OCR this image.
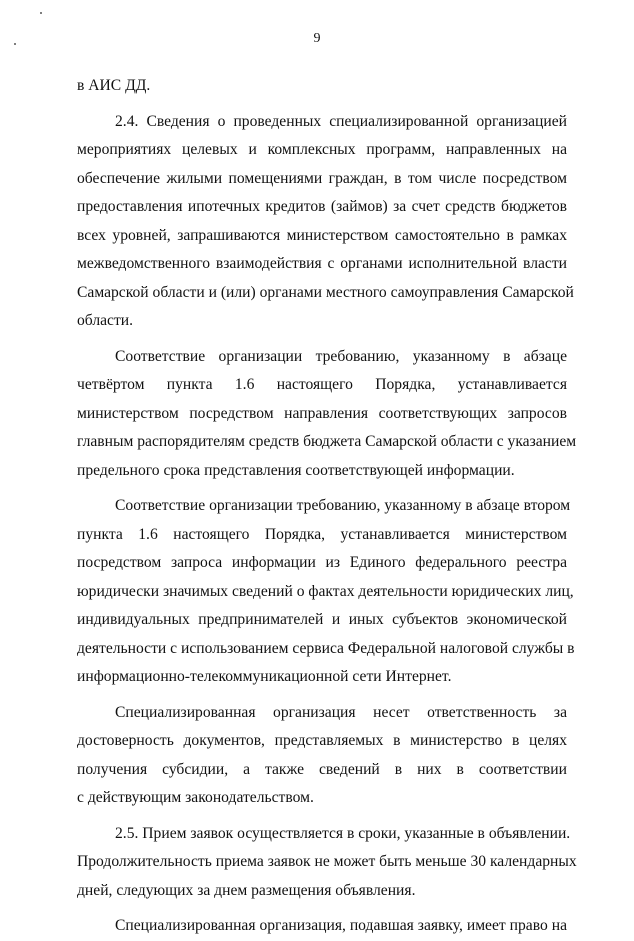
9

в АИС ДД.

2.4. Сведения о проведенных специализированной организацией
мероприятиях целевых и комплексных программ, направленных на
обеспечение жилыми помещениями граждан, в том числе посредством
предоставления ипотечных кредитов (займов) за счет средств бюджетов
всех уровней, запрашиваются министерством самостоятельно в рамках
межведомственного взаимодействия с органами исполнительной власти
Самарской области и (или) органами местного самоуправления Самарской
области.

Соответствие организации требованию, указанному в абзаце
четвёртом пункта 1.6 настоящего Порядка, устанавливается
министерством посредством направления соответствующих запросов
главным распорядителям средств бюджета Самарской области с указанием
предельного срока представления соответствующей информации.

Соответствие организации требованию, указанному в абзаце втором
пункта 1.6 настоящего Порядка, устанавливается министерством
посредством запроса информации из Единого федерального реестра
юридически значимых сведений о фактах деятельности юридических лиц,
индивидуальных предпринимателей и иных субъектов экономической
деятельности с использованием сервиса Федеральной налоговой службы в
информационно-телекоммуникационной сети Интернет.

Специализированная организация несет ответственность за
достоверность документов, представляемых в министерство в целях
получения субсидии, а также сведений в них в соответствии
с действующим законодательством.

2.5. Прием заявок осуществляется в сроки, указанные в объявлении.
Продолжительность приема заявок не может быть меньше 30 календарных
дней, следующих за днем размещения объявления.

Специализированная организация, подавшая заявку, имеет право на
